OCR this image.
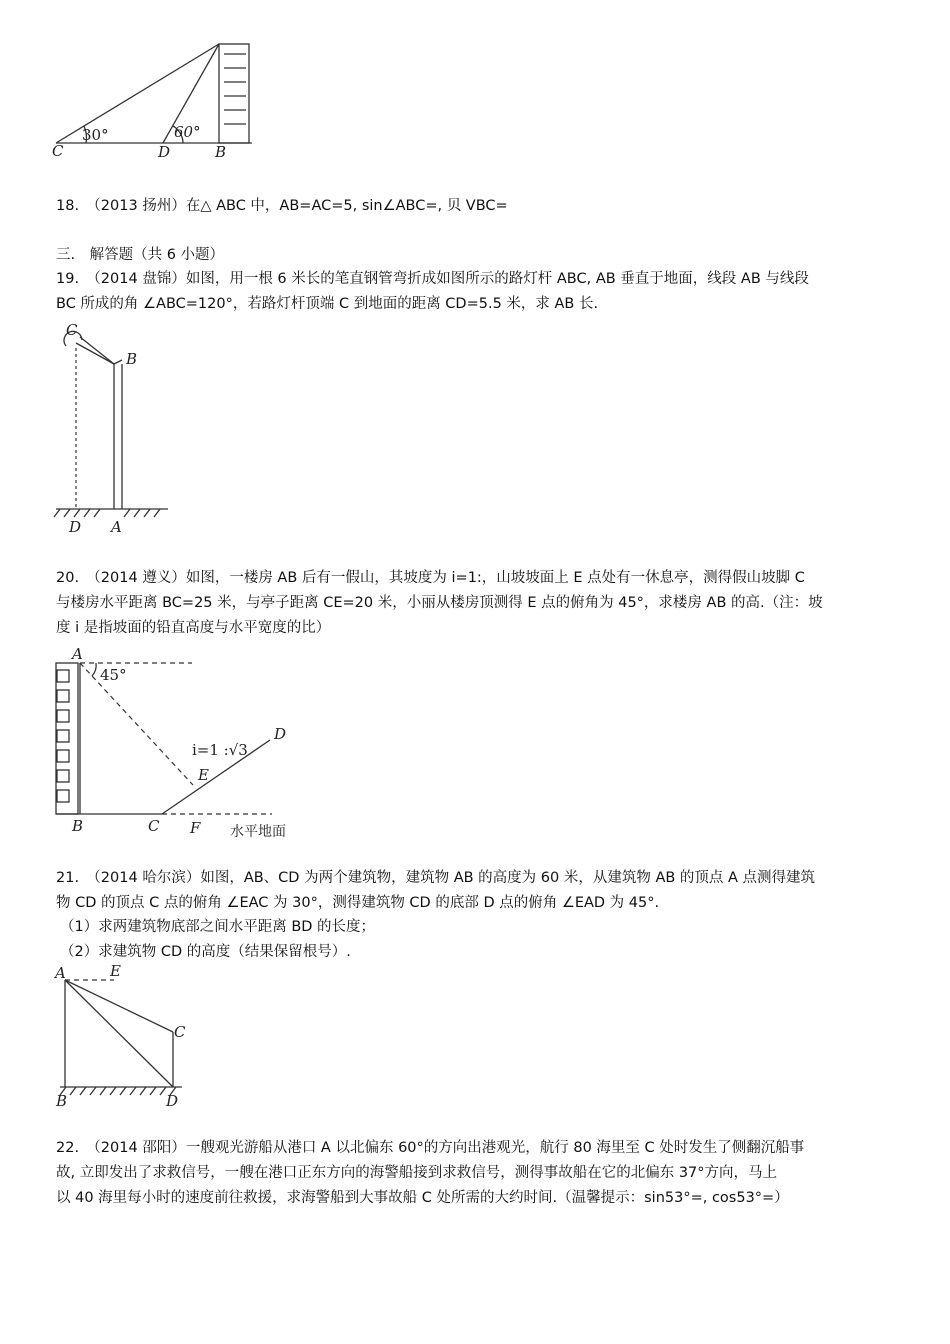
30°	60°
C	D	B
18.　（2013 扬州）在△ ABC 中，AB=AC=5, sin∠ABC=, 贝 VBC=
三.　解答题（共 6 小题）
19.　（2014 盘锦）如图，用一根 6 米长的笔直钢管弯折成如图所示的路灯杆 ABC, AB 垂直于地面，线段 AB 与线段
BC 所成的角 ∠ABC=120°，若路灯杆顶端 C 到地面的距离 CD=5.5 米，求 AB 长.
C
B
D A
20.　（2014 遵义）如图，一楼房 AB 后有一假山，其坡度为 i=1:，山坡坡面上 E 点处有一休息亭，测得假山坡脚 C
与楼房水平距离 BC=25 米，与亭子距离 CE=20 米，小丽从楼房顶测得 E 点的俯角为 45°，求楼房 AB 的高.（注：坡
度 i 是指坡面的铅直高度与水平宽度的比）
A
45°
D
i=1 :√3
E
B	C F 水平地面
21.　（2014 哈尔滨）如图，AB、CD 为两个建筑物，建筑物 AB 的高度为 60 米，从建筑物 AB 的顶点 A 点测得建筑
物 CD 的顶点 C 点的俯角 ∠EAC 为 30°，测得建筑物 CD 的底部 D 点的俯角 ∠EAD 为 45°.
（1）求两建筑物底部之间水平距离 BD 的长度；
（2）求建筑物 CD 的高度（结果保留根号）.
A	E
C
B	D
22.　（2014 邵阳）一艘观光游船从港口 A 以北偏东 60°的方向出港观光，航行 80 海里至 C 处时发生了侧翻沉船事
故, 立即发出了求救信号，一艘在港口正东方向的海警船接到求救信号，测得事故船在它的北偏东 37°方向，马上
以 40 海里每小时的速度前往救援，求海警船到大事故船 C 处所需的大约时间.（温馨提示：sin53°=, cos53°=）
